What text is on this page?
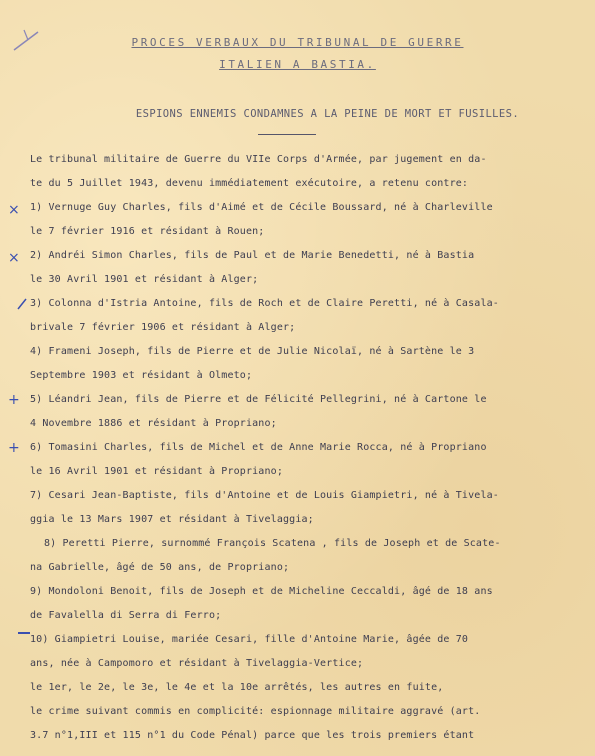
PROCES VERBAUX DU TRIBUNAL DE GUERRE
ITALIEN A BASTIA.
ESPIONS ENNEMIS CONDAMNES A LA PEINE DE MORT ET FUSILLES.
Le tribunal militaire de Guerre du VIIe Corps d'Armée, par jugement en da-
te du 5 Juillet 1943, devenu immédiatement exécutoire, a retenu contre:
1) Vernuge Guy Charles, fils d'Aimé et de Cécile Boussard, né à Charleville
le 7 février 1916 et résidant à Rouen;
2) Andréi Simon Charles, fils de Paul et de Marie Benedetti, né à Bastia
le 30 Avril 1901 et résidant à Alger;
3) Colonna d'Istria Antoine, fils de Roch et de Claire Peretti, né à Casala-
brivale 7 février 1906 et résidant à Alger;
4) Frameni Joseph, fils de Pierre et de Julie Nicolaï, né à Sartène le 3
Septembre 1903 et résidant à Olmeto;
5) Léandri Jean, fils de Pierre et de Félicité Pellegrini, né à Cartone le
4 Novembre 1886 et résidant à Propriano;
6) Tomasini Charles, fils de Michel et de Anne Marie Rocca, né à Propriano
le 16 Avril 1901 et résidant à Propriano;
7) Cesari Jean-Baptiste, fils d'Antoine et de Louis Giampietri, né à Tivela-
ggia le 13 Mars 1907 et résidant à Tivelaggia;
8) Peretti Pierre, surnommé François Scatena , fils de Joseph et de Scate-
na Gabrielle, âgé de 50 ans, de Propriano;
9) Mondoloni Benoit, fils de Joseph et de Micheline Ceccaldi, âgé de 18 ans
de Favalella di Serra di Ferro;
10) Giampietri Louise, mariée Cesari, fille d'Antoine Marie, âgée de 70
ans, née à Campomoro et résidant à Tivelaggia-Vertice;
le 1er, le 2e, le 3e, le 4e et la 10e arrêtés, les autres en fuite,
le crime suivant commis en complicité: espionnage militaire aggravé (art.
3.7 n°1,III et 115 n°1 du Code Pénal) parce que les trois premiers étant
×
×
+
+
